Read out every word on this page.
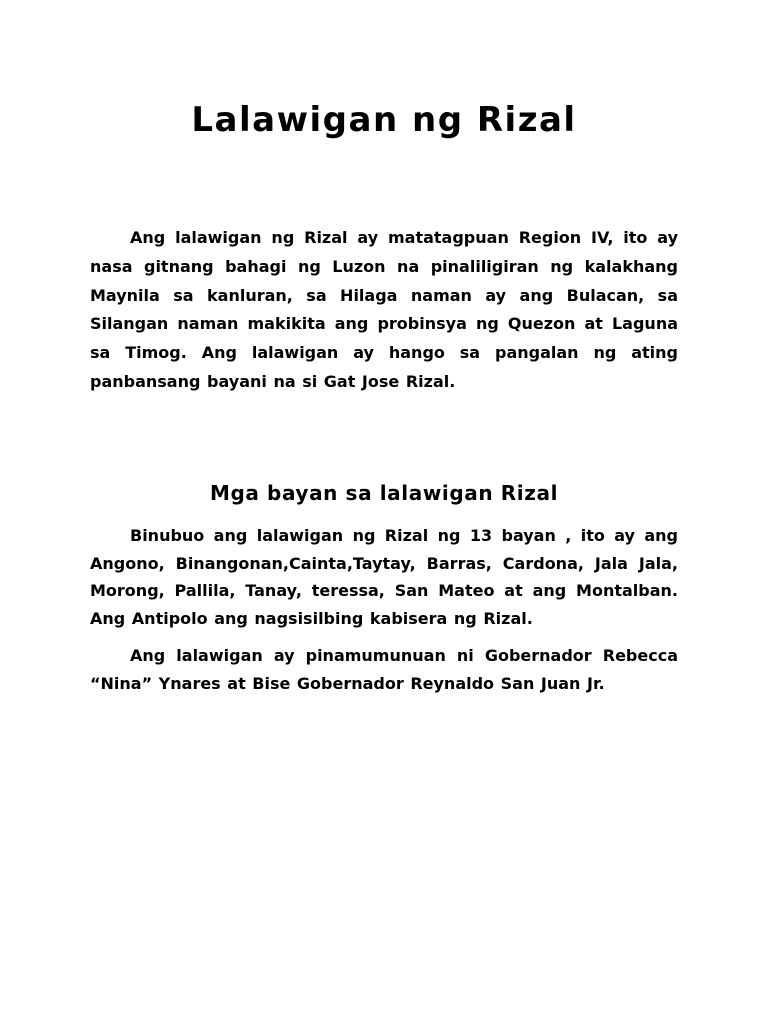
Lalawigan ng Rizal

Ang lalawigan ng Rizal ay matatagpuan Region IV, ito ay nasa gitnang bahagi ng Luzon na pinaliligiran ng kalakhang Maynila sa kanluran, sa Hilaga naman ay ang Bulacan, sa Silangan naman makikita ang probinsya ng Quezon at Laguna sa Timog. Ang lalawigan ay hango sa pangalan ng ating panbansang bayani na si Gat Jose Rizal.

Mga bayan sa lalawigan Rizal

Binubuo ang lalawigan ng Rizal ng 13 bayan , ito ay ang Angono, Binangonan,Cainta,Taytay, Barras, Cardona, Jala Jala, Morong, Pallila, Tanay, teressa, San Mateo at ang Montalban. Ang Antipolo ang nagsisilbing kabisera ng Rizal.

Ang lalawigan ay pinamumunuan ni Gobernador Rebecca “Nina” Ynares at Bise Gobernador Reynaldo San Juan Jr.
